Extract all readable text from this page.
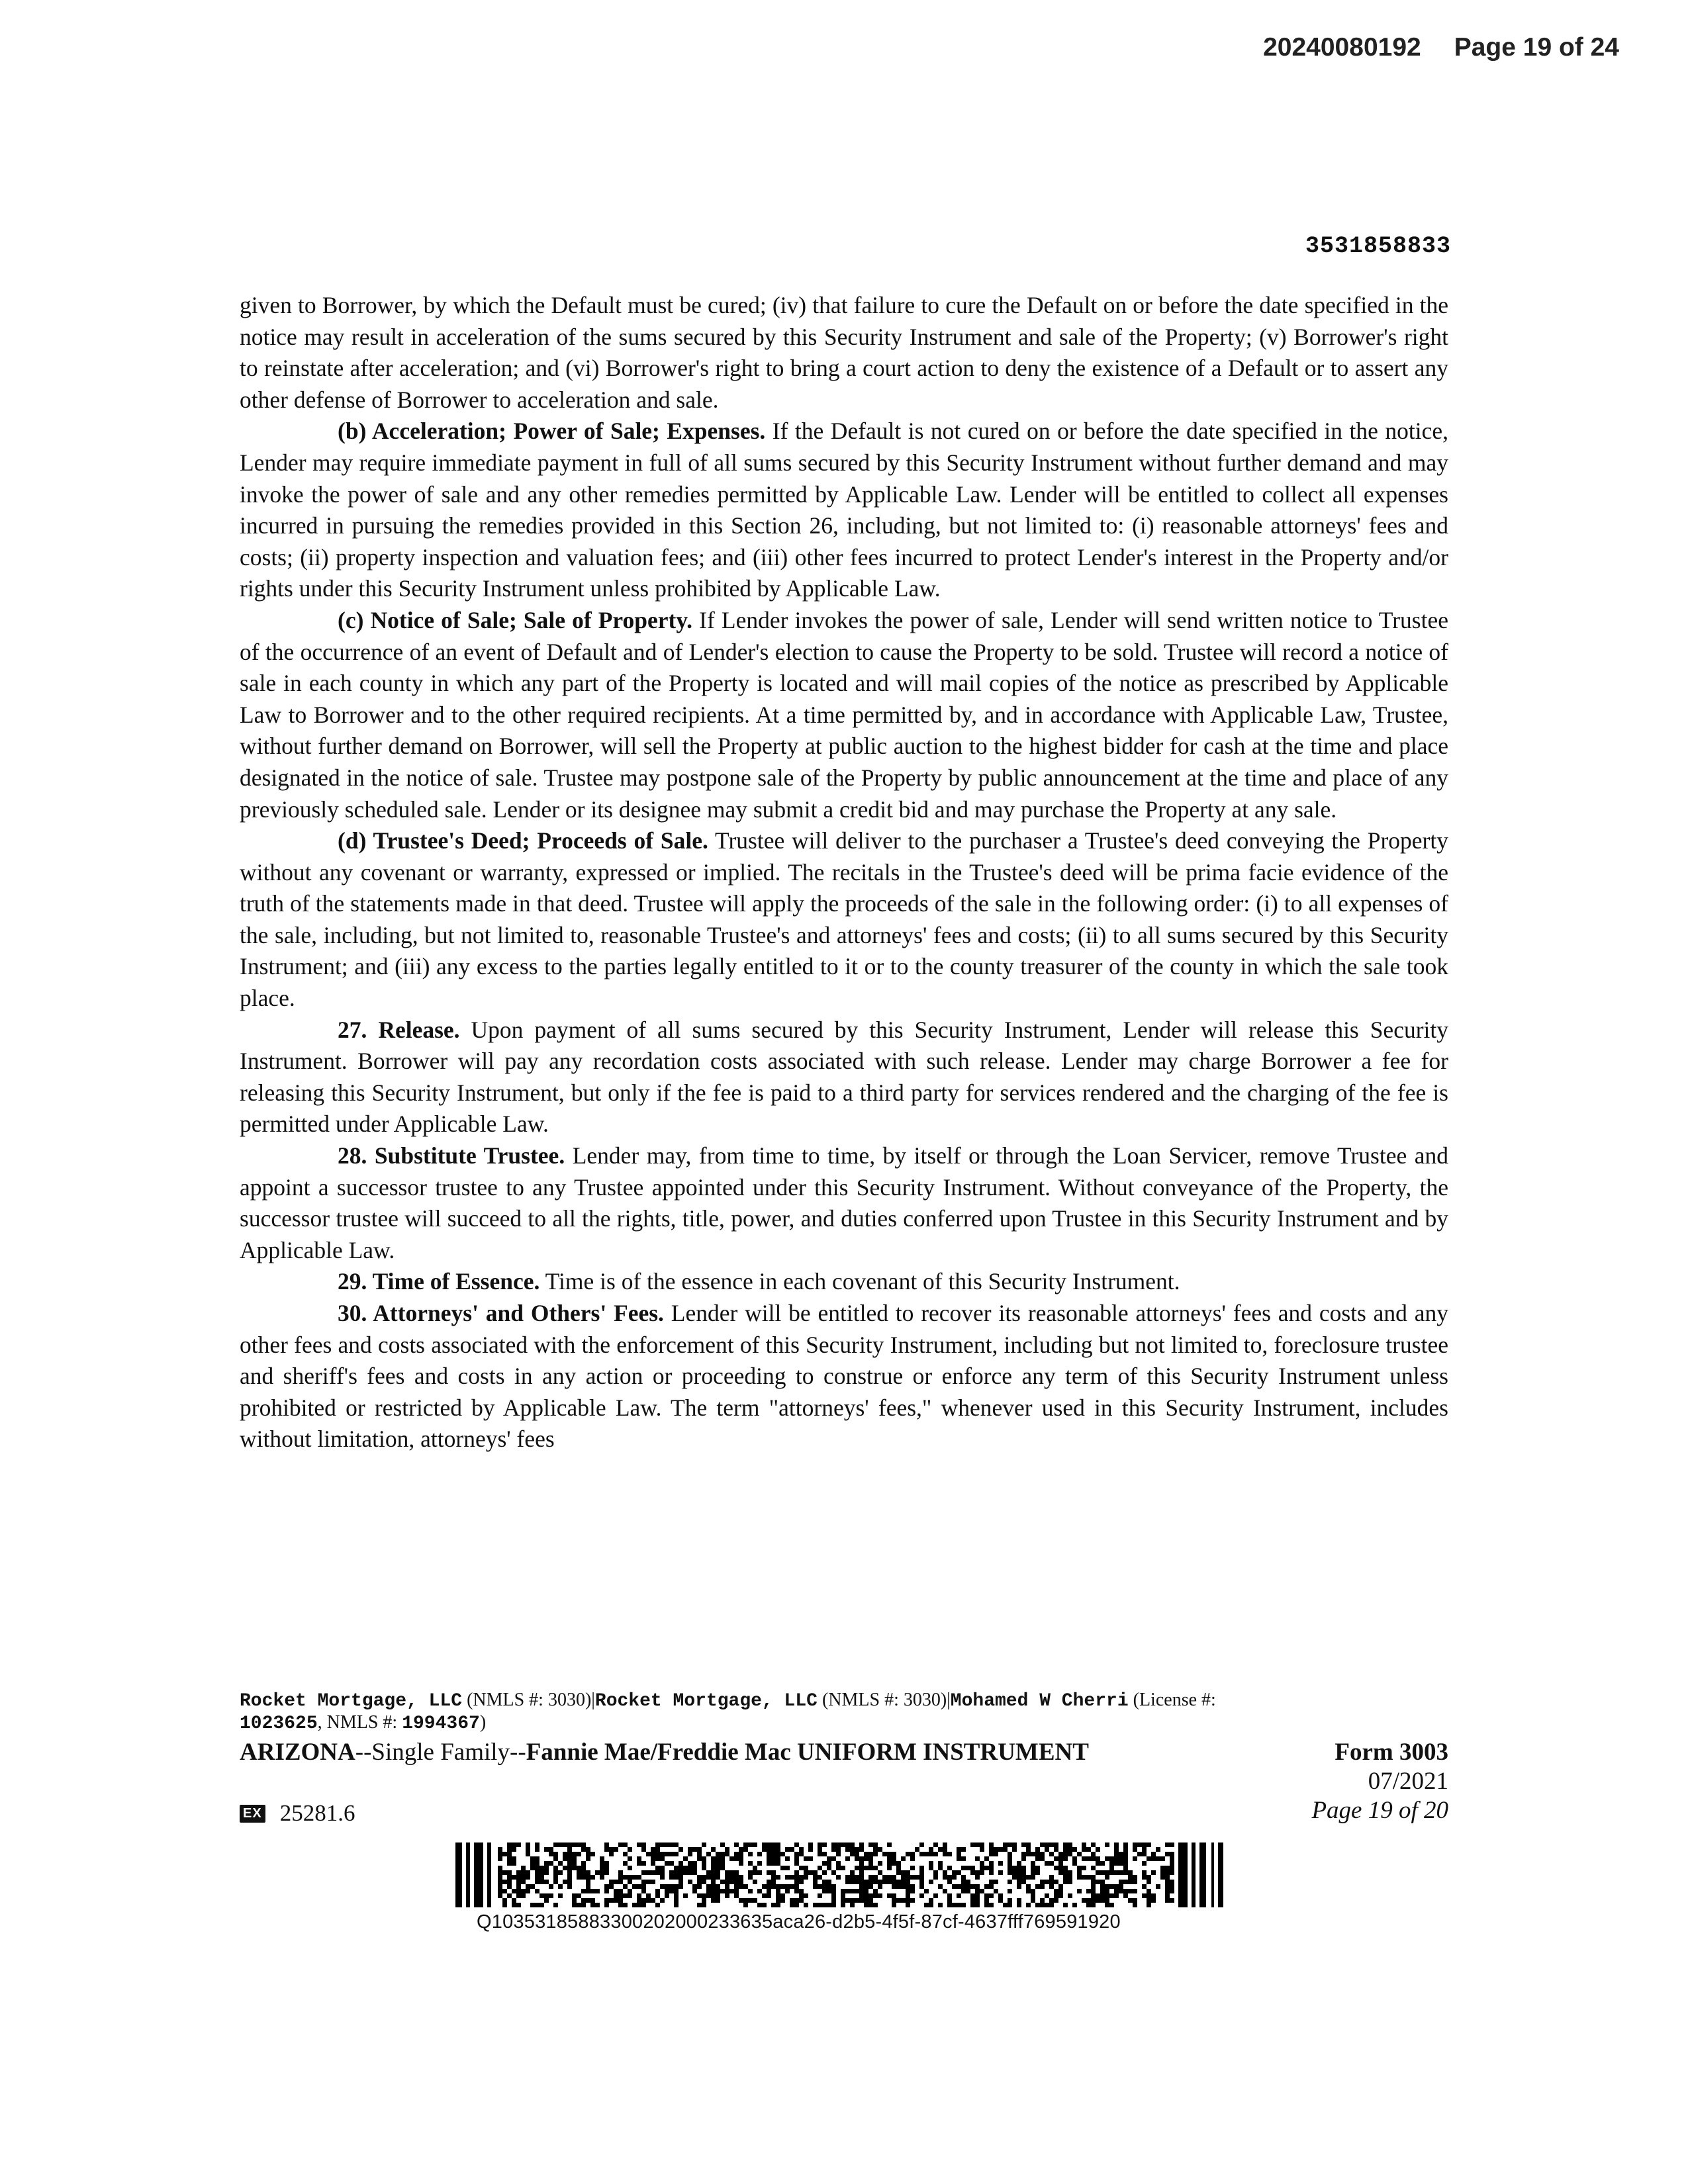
20240080192 Page 19 of 24
3531858833

given to Borrower, by which the Default must be cured; (iv) that failure to cure the Default on or before the date specified in the notice may result in acceleration of the sums secured by this Security Instrument and sale of the Property; (v) Borrower's right to reinstate after acceleration; and (vi) Borrower's right to bring a court action to deny the existence of a Default or to assert any other defense of Borrower to acceleration and sale.

(b) Acceleration; Power of Sale; Expenses. If the Default is not cured on or before the date specified in the notice, Lender may require immediate payment in full of all sums secured by this Security Instrument without further demand and may invoke the power of sale and any other remedies permitted by Applicable Law. Lender will be entitled to collect all expenses incurred in pursuing the remedies provided in this Section 26, including, but not limited to: (i) reasonable attorneys' fees and costs; (ii) property inspection and valuation fees; and (iii) other fees incurred to protect Lender's interest in the Property and/or rights under this Security Instrument unless prohibited by Applicable Law.

(c) Notice of Sale; Sale of Property. If Lender invokes the power of sale, Lender will send written notice to Trustee of the occurrence of an event of Default and of Lender's election to cause the Property to be sold. Trustee will record a notice of sale in each county in which any part of the Property is located and will mail copies of the notice as prescribed by Applicable Law to Borrower and to the other required recipients. At a time permitted by, and in accordance with Applicable Law, Trustee, without further demand on Borrower, will sell the Property at public auction to the highest bidder for cash at the time and place designated in the notice of sale. Trustee may postpone sale of the Property by public announcement at the time and place of any previously scheduled sale. Lender or its designee may submit a credit bid and may purchase the Property at any sale.

(d) Trustee's Deed; Proceeds of Sale. Trustee will deliver to the purchaser a Trustee's deed conveying the Property without any covenant or warranty, expressed or implied. The recitals in the Trustee's deed will be prima facie evidence of the truth of the statements made in that deed. Trustee will apply the proceeds of the sale in the following order: (i) to all expenses of the sale, including, but not limited to, reasonable Trustee's and attorneys' fees and costs; (ii) to all sums secured by this Security Instrument; and (iii) any excess to the parties legally entitled to it or to the county treasurer of the county in which the sale took place.

27. Release. Upon payment of all sums secured by this Security Instrument, Lender will release this Security Instrument. Borrower will pay any recordation costs associated with such release. Lender may charge Borrower a fee for releasing this Security Instrument, but only if the fee is paid to a third party for services rendered and the charging of the fee is permitted under Applicable Law.

28. Substitute Trustee. Lender may, from time to time, by itself or through the Loan Servicer, remove Trustee and appoint a successor trustee to any Trustee appointed under this Security Instrument. Without conveyance of the Property, the successor trustee will succeed to all the rights, title, power, and duties conferred upon Trustee in this Security Instrument and by Applicable Law.

29. Time of Essence. Time is of the essence in each covenant of this Security Instrument.

30. Attorneys' and Others' Fees. Lender will be entitled to recover its reasonable attorneys' fees and costs and any other fees and costs associated with the enforcement of this Security Instrument, including but not limited to, foreclosure trustee and sheriff's fees and costs in any action or proceeding to construe or enforce any term of this Security Instrument unless prohibited or restricted by Applicable Law. The term "attorneys' fees," whenever used in this Security Instrument, includes without limitation, attorneys' fees

Rocket Mortgage, LLC (NMLS #: 3030)|Rocket Mortgage, LLC (NMLS #: 3030)|Mohamed W Cherri (License #:
1023625, NMLS #: 1994367)
ARIZONA--Single Family--Fannie Mae/Freddie Mac UNIFORM INSTRUMENT	Form 3003
07/2021
Page 19 of 20
EX 25281.6
Q10353185883300202000233635aca26-d2b5-4f5f-87cf-4637fff769591920
